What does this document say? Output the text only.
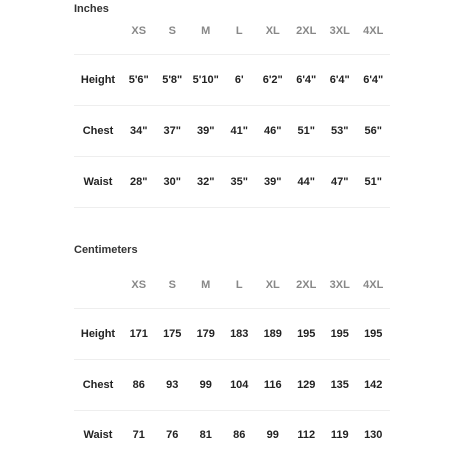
Inches
	XS	S	M	L	XL	2XL	3XL	4XL
Height	5'6"	5'8"	5'10"	6'	6'2"	6'4"	6'4"	6'4"
Chest	34"	37"	39"	41"	46"	51"	53"	56"
Waist	28"	30"	32"	35"	39"	44"	47"	51"

Centimeters
	XS	S	M	L	XL	2XL	3XL	4XL
Height	171	175	179	183	189	195	195	195
Chest	86	93	99	104	116	129	135	142
Waist	71	76	81	86	99	112	119	130
